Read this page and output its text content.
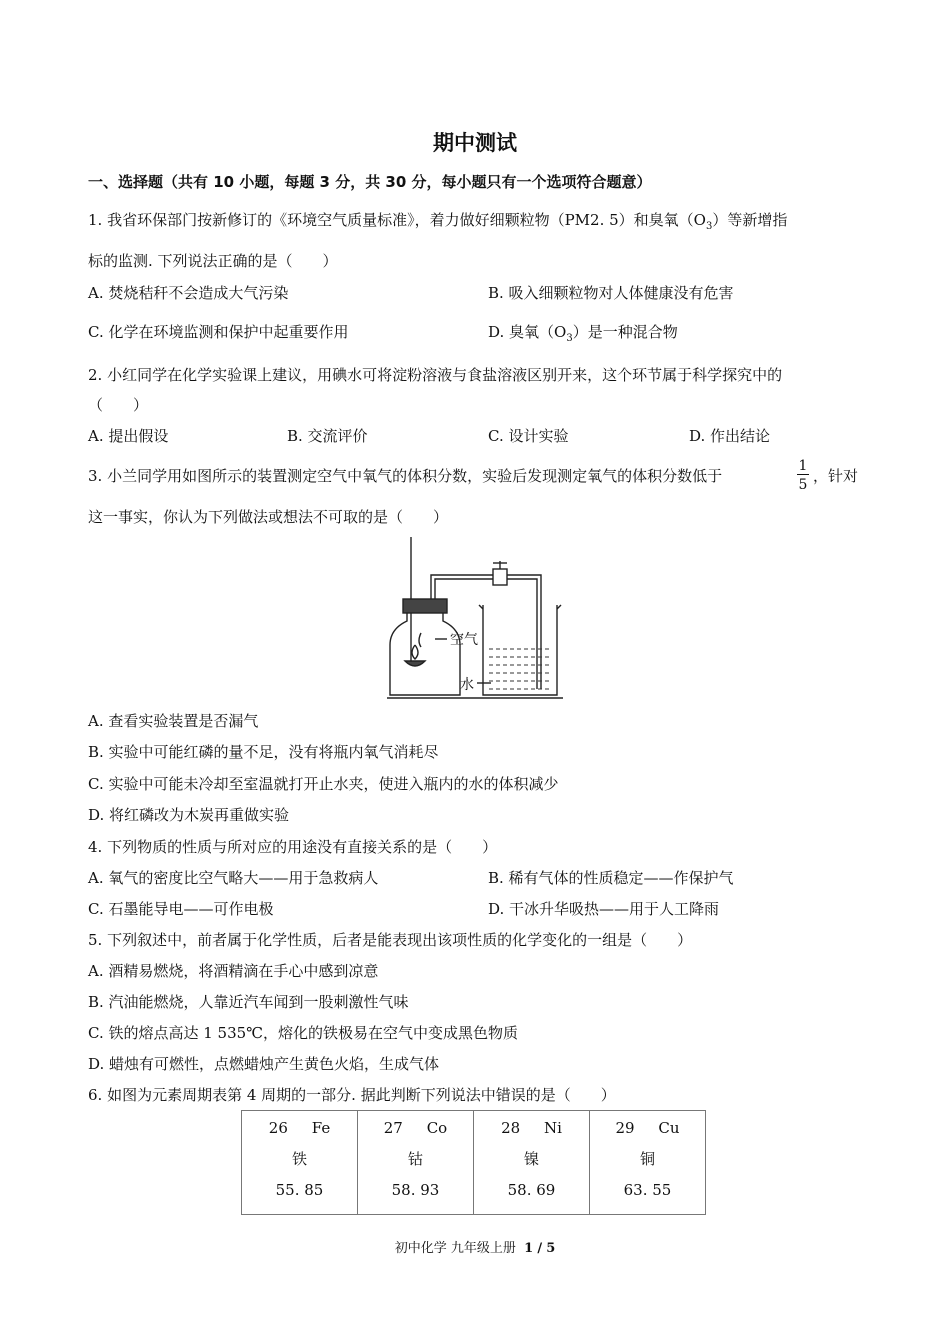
期中测试
一、选择题（共有 10 小题，每题 3 分，共 30 分，每小题只有一个选项符合题意）
1. 我省环保部门按新修订的《环境空气质量标准》，着力做好细颗粒物（PM2. 5）和臭氧$(O_3)$等新增指
标的监测. 下列说法正确的是（　　）
A. 焚烧秸秆不会造成大气污染	B. 吸入细颗粒物对人体健康没有危害
C. 化学在环境监测和保护中起重要作用	D. 臭氧$(O_3)$是一种混合物
2. 小红同学在化学实验课上建议，用碘水可将淀粉溶液与食盐溶液区别开来，这个环节属于科学探究中的
（　　）
A. 提出假设	B. 交流评价	C. 设计实验	D. 作出结论
3. 小兰同学用如图所示的装置测定空气中氧气的体积分数，实验后发现测定氧气的体积分数低于
1
5 ，针对
这一事实，你认为下列做法或想法不可取的是（　　）
空气
水
A. 查看实验装置是否漏气
B. 实验中可能红磷的量不足，没有将瓶内氧气消耗尽
C. 实验中可能未冷却至室温就打开止水夹，使进入瓶内的水的体积减少
D. 将红磷改为木炭再重做实验
4. 下列物质的性质与所对应的用途没有直接关系的是（　　）
A. 氧气的密度比空气略大——用于急救病人	B. 稀有气体的性质稳定——作保护气
C. 石墨能导电——可作电极	D. 干冰升华吸热——用于人工降雨
5. 下列叙述中，前者属于化学性质，后者是能表现出该项性质的化学变化的一组是（　　）
A. 酒精易燃烧，将酒精滴在手心中感到凉意
B. 汽油能燃烧，人靠近汽车闻到一股刺激性气味
C. 铁的熔点高达 1 535℃，熔化的铁极易在空气中变成黑色物质
D. 蜡烛有可燃性，点燃蜡烛产生黄色火焰，生成气体
6. 如图为元素周期表第 4 周期的一部分. 据此判断下列说法中错误的是（　　）
26 Fe
铁
55. 85

27 Co
钴
58. 93

28 Ni
镍
58. 69

29 Cu
铜
63. 55
初中化学 九年级上册 1 / 5
